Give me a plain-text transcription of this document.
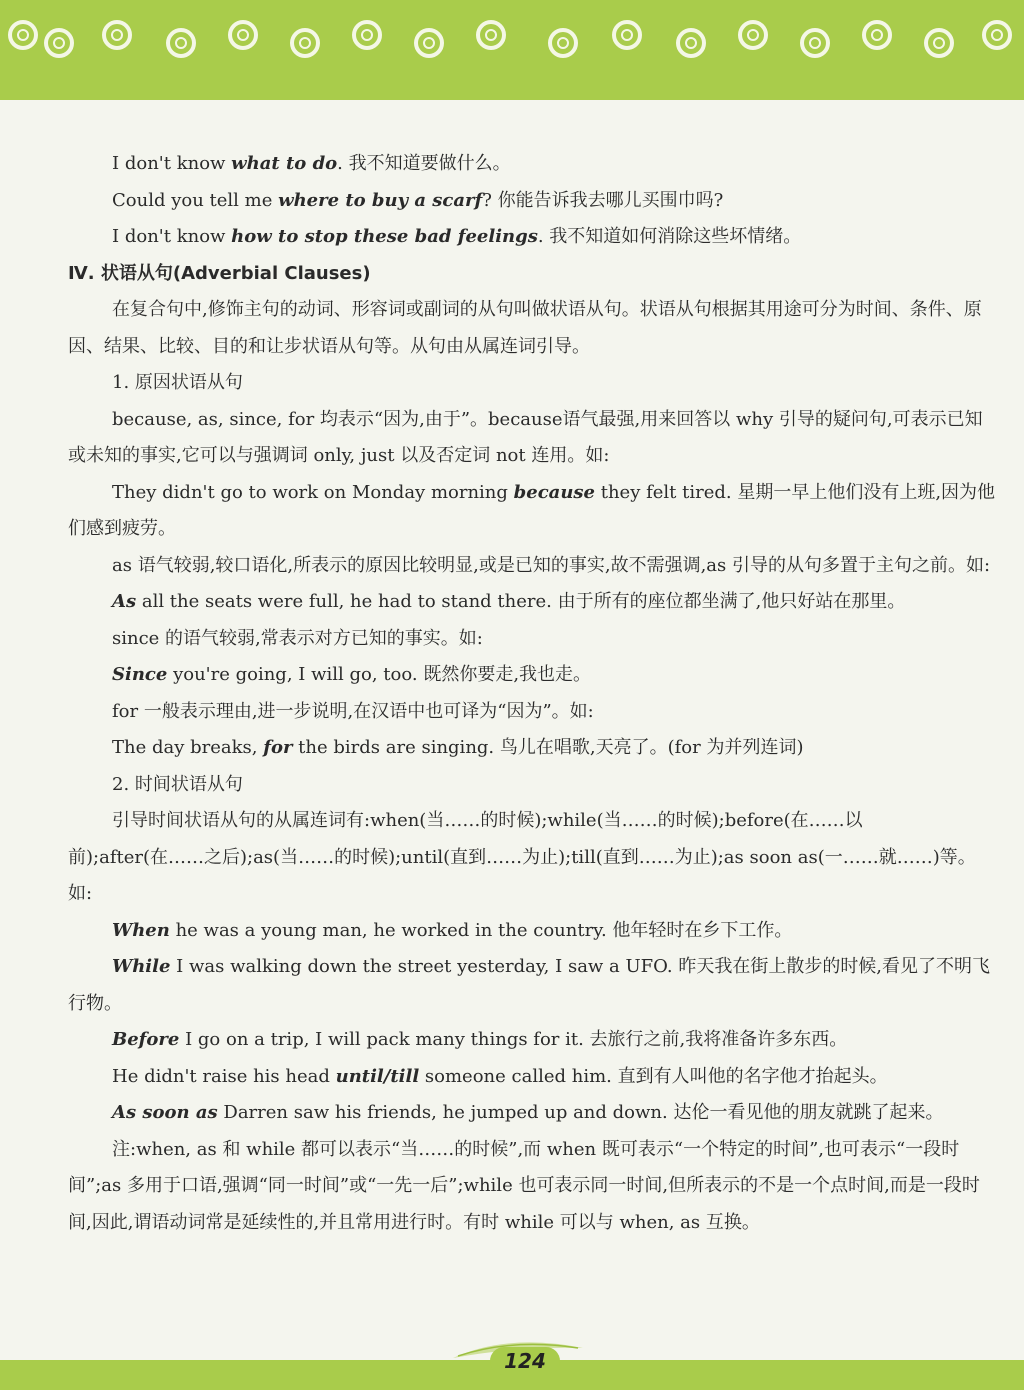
I don't know what to do. 我不知道要做什么。

Could you tell me where to buy a scarf? 你能告诉我去哪儿买围巾吗?

I don't know how to stop these bad feelings. 我不知道如何消除这些坏情绪。

Ⅳ. 状语从句(Adverbial Clauses)

在复合句中,修饰主句的动词、形容词或副词的从句叫做状语从句。状语从句根据其用途可分为时间、条件、原因、结果、比较、目的和让步状语从句等。从句由从属连词引导。

1. 原因状语从句

because, as, since, for 均表示“因为,由于”。because语气最强,用来回答以 why 引导的疑问句,可表示已知或未知的事实,它可以与强调词 only, just 以及否定词 not 连用。如:

They didn't go to work on Monday morning because they felt tired. 星期一早上他们没有上班,因为他们感到疲劳。

as 语气较弱,较口语化,所表示的原因比较明显,或是已知的事实,故不需强调,as 引导的从句多置于主句之前。如:

As all the seats were full, he had to stand there. 由于所有的座位都坐满了,他只好站在那里。

since 的语气较弱,常表示对方已知的事实。如:

Since you're going, I will go, too. 既然你要走,我也走。

for 一般表示理由,进一步说明,在汉语中也可译为“因为”。如:

The day breaks, for the birds are singing. 鸟儿在唱歌,天亮了。(for 为并列连词)

2. 时间状语从句

引导时间状语从句的从属连词有:when(当……的时候);while(当……的时候);before(在……以前);after(在……之后);as(当……的时候);until(直到……为止);till(直到……为止);as soon as(一……就……)等。如:

When he was a young man, he worked in the country. 他年轻时在乡下工作。

While I was walking down the street yesterday, I saw a UFO. 昨天我在街上散步的时候,看见了不明飞行物。

Before I go on a trip, I will pack many things for it. 去旅行之前,我将准备许多东西。

He didn't raise his head until/till someone called him. 直到有人叫他的名字他才抬起头。

As soon as Darren saw his friends, he jumped up and down. 达伦一看见他的朋友就跳了起来。

注:when, as 和 while 都可以表示“当……的时候”,而 when 既可表示“一个特定的时间”,也可表示“一段时间”;as 多用于口语,强调“同一时间”或“一先一后”;while 也可表示同一时间,但所表示的不是一个点时间,而是一段时间,因此,谓语动词常是延续性的,并且常用进行时。有时 while 可以与 when, as 互换。

124
